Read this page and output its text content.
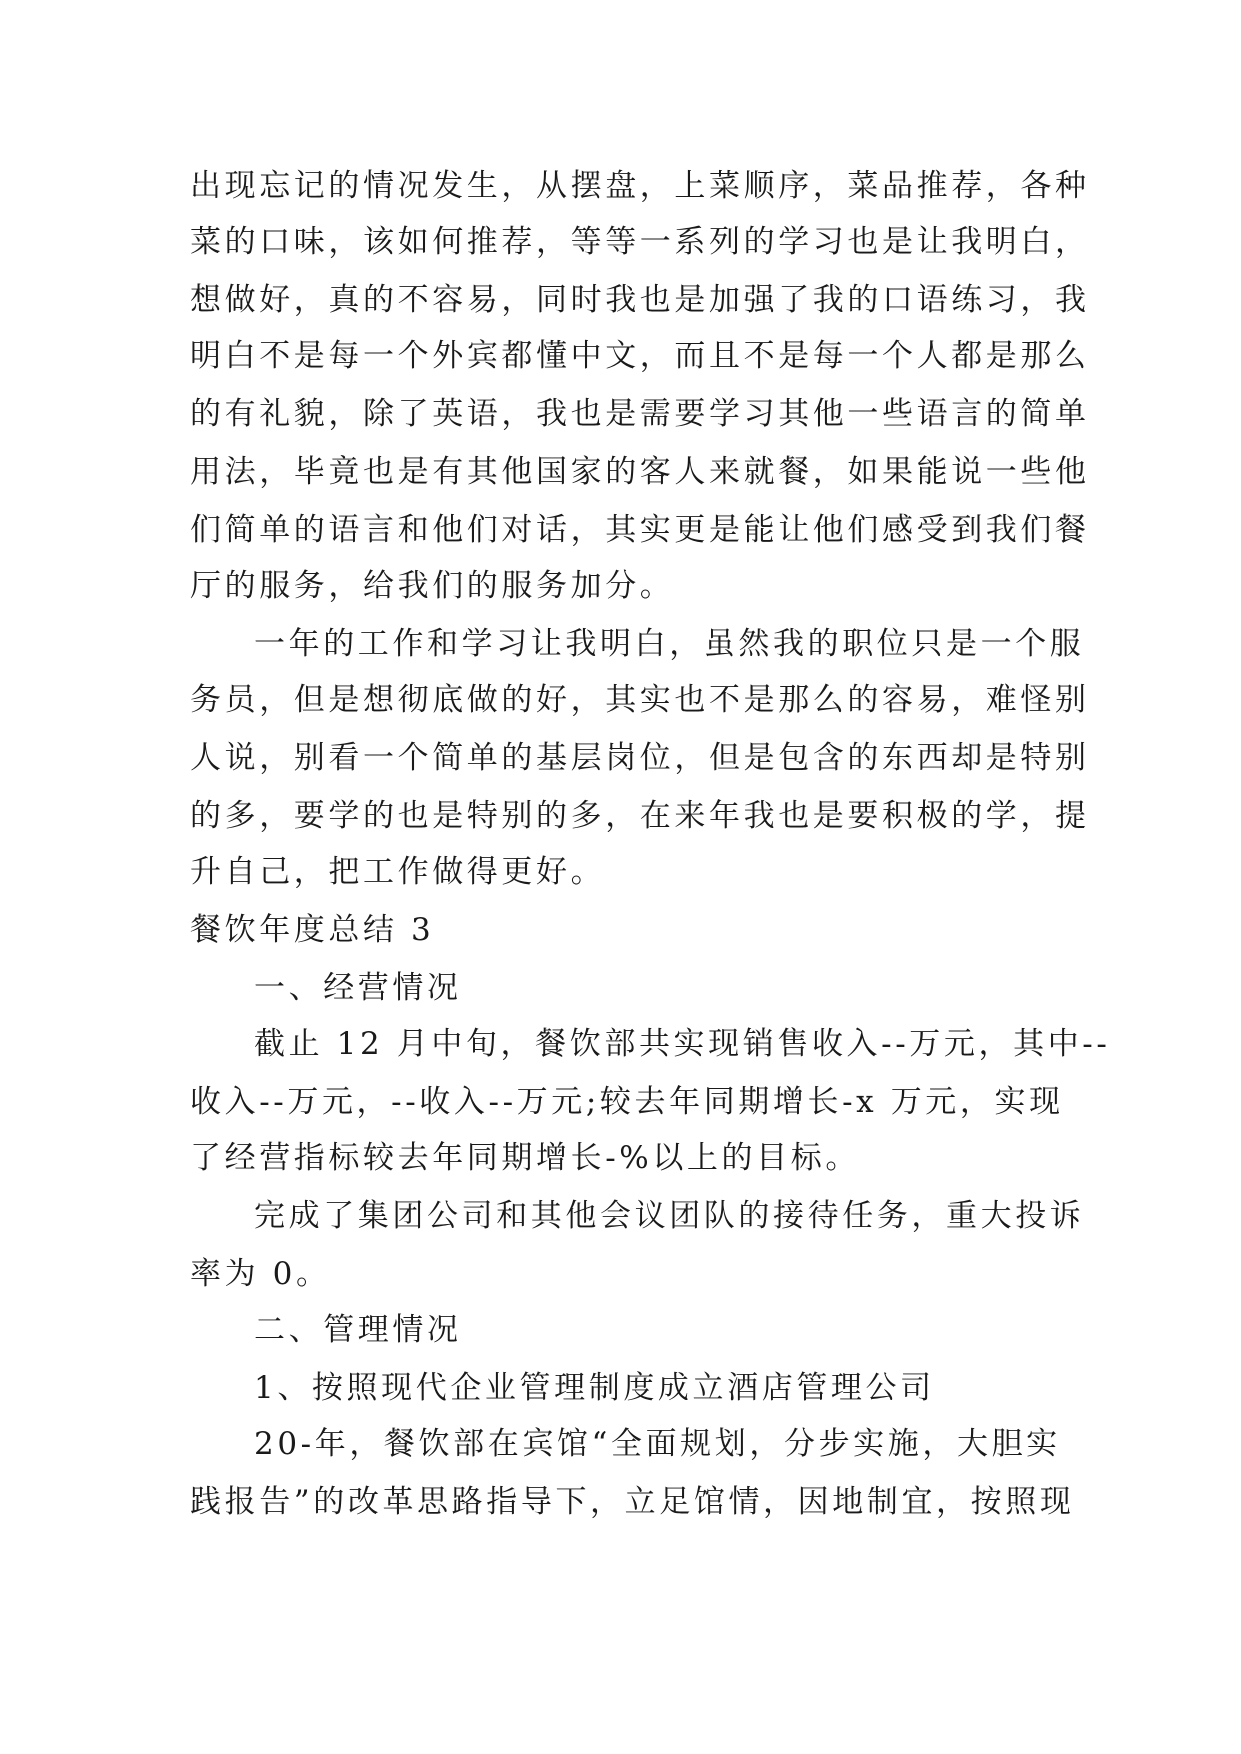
出现忘记的情况发生，从摆盘，上菜顺序，菜品推荐，各种
菜的口味，该如何推荐，等等一系列的学习也是让我明白，
想做好，真的不容易，同时我也是加强了我的口语练习，我
明白不是每一个外宾都懂中文，而且不是每一个人都是那么
的有礼貌，除了英语，我也是需要学习其他一些语言的简单
用法，毕竟也是有其他国家的客人来就餐，如果能说一些他
们简单的语言和他们对话，其实更是能让他们感受到我们餐
厅的服务，给我们的服务加分。
一年的工作和学习让我明白，虽然我的职位只是一个服
务员，但是想彻底做的好，其实也不是那么的容易，难怪别
人说，别看一个简单的基层岗位，但是包含的东西却是特别
的多，要学的也是特别的多，在来年我也是要积极的学，提
升自己，把工作做得更好。
餐饮年度总结 3
一、经营情况
截止 12 月中旬，餐饮部共实现销售收入--万元，其中--
收入--万元，--收入--万元;较去年同期增长-x 万元，实现
了经营指标较去年同期增长-%以上的目标。
完成了集团公司和其他会议团队的接待任务，重大投诉
率为 0。
二、管理情况
1、按照现代企业管理制度成立酒店管理公司
20-年，餐饮部在宾馆“全面规划，分步实施，大胆实
践报告”的改革思路指导下，立足馆情，因地制宜，按照现
